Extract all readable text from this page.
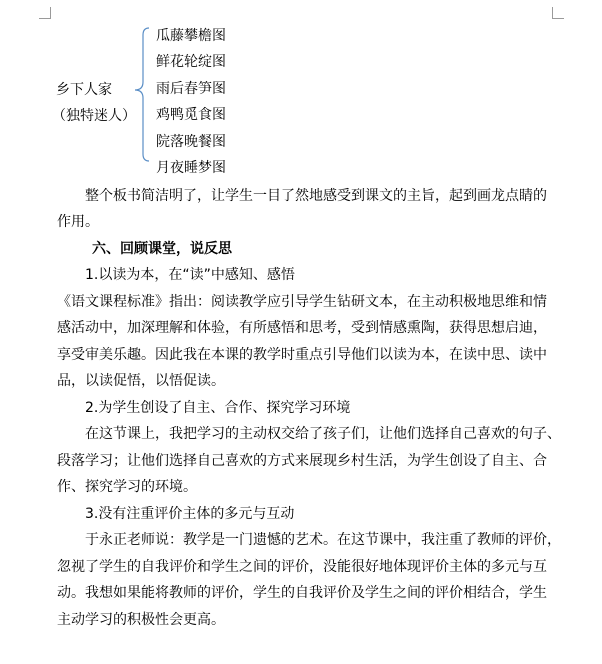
乡下人家
（独特迷人）
瓜藤攀檐图
鲜花轮绽图
雨后春笋图
鸡鸭觅食图
院落晚餐图
月夜睡梦图
整个板书简洁明了，让学生一目了然地感受到课文的主旨，起到画龙点睛的
作用。
六、回顾课堂，说反思
1.以读为本，在“读”中感知、感悟
《语文课程标准》指出：阅读教学应引导学生钻研文本，在主动积极地思维和情
感活动中，加深理解和体验，有所感悟和思考，受到情感熏陶，获得思想启迪，
享受审美乐趣。因此我在本课的教学时重点引导他们以读为本，在读中思、读中
品，以读促悟，以悟促读。
2.为学生创设了自主、合作、探究学习环境
在这节课上，我把学习的主动权交给了孩子们，让他们选择自己喜欢的句子、
段落学习；让他们选择自己喜欢的方式来展现乡村生活，为学生创设了自主、合
作、探究学习的环境。
3.没有注重评价主体的多元与互动
于永正老师说：教学是一门遗憾的艺术。在这节课中，我注重了教师的评价，
忽视了学生的自我评价和学生之间的评价，没能很好地体现评价主体的多元与互
动。我想如果能将教师的评价，学生的自我评价及学生之间的评价相结合，学生
主动学习的积极性会更高。
